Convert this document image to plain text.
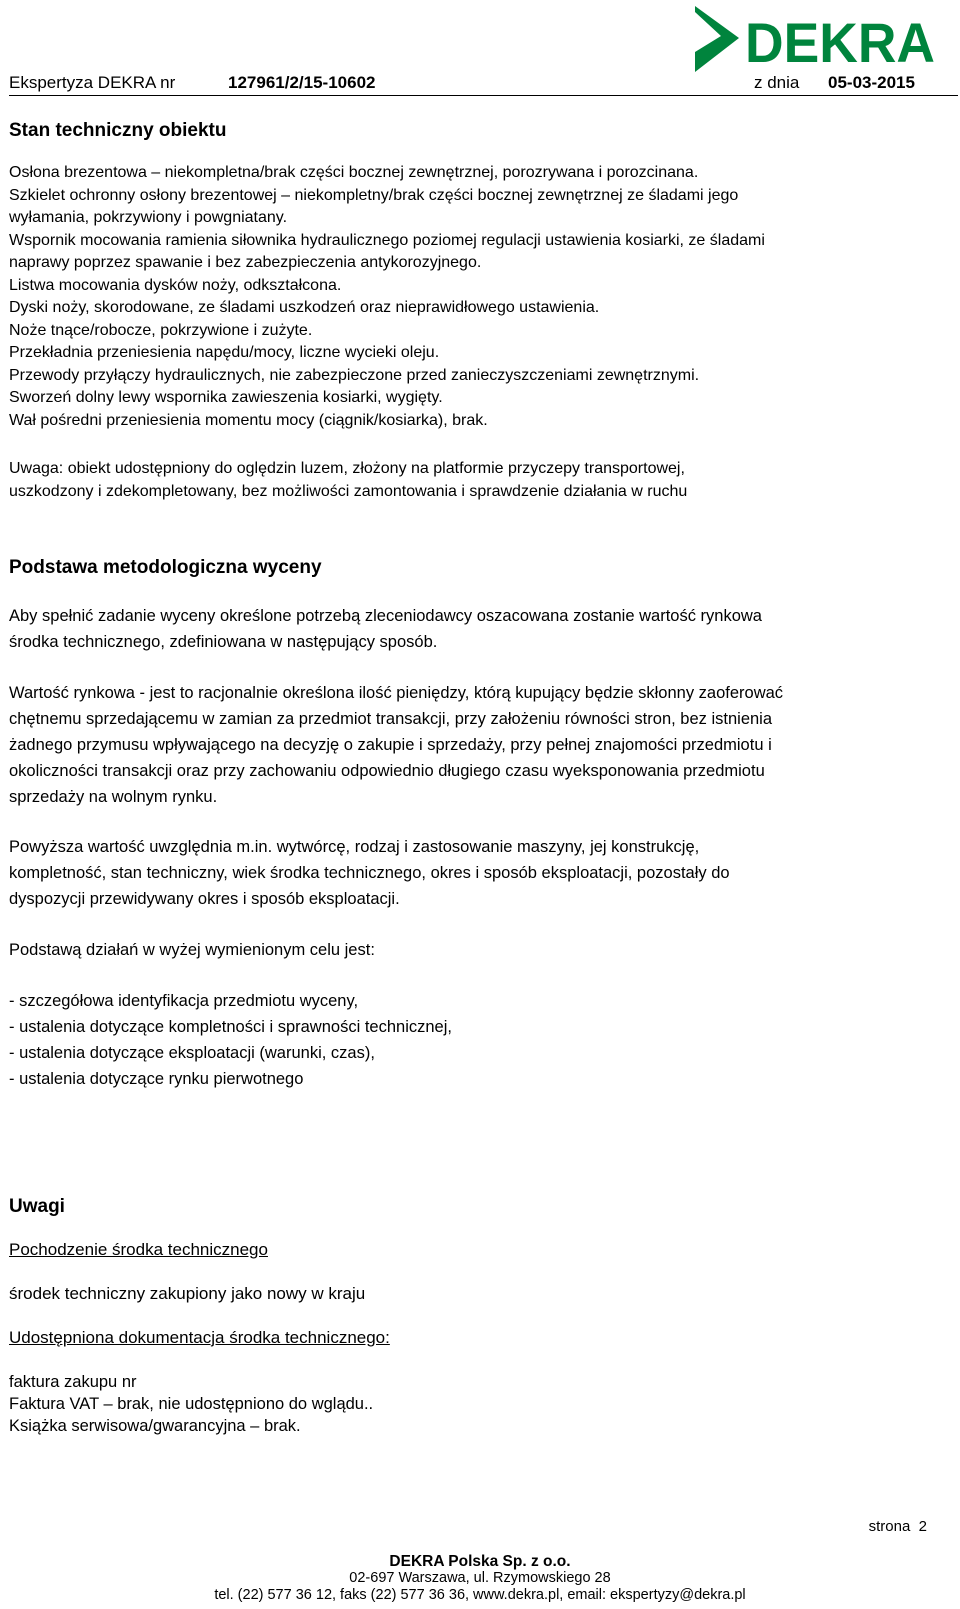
DEKRA
Ekspertyza DEKRA nr	127961/2/15-10602	z dnia 05-03-2015
Stan techniczny obiektu
Osłona brezentowa – niekompletna/brak części bocznej zewnętrznej, porozrywana i porozcinana.
Szkielet ochronny osłony brezentowej – niekompletny/brak części bocznej zewnętrznej ze śladami jego
wyłamania, pokrzywiony i powgniatany.
Wspornik mocowania ramienia siłownika hydraulicznego poziomej regulacji ustawienia kosiarki, ze śladami
naprawy poprzez spawanie i bez zabezpieczenia antykorozyjnego.
Listwa mocowania dysków noży, odkształcona.
Dyski noży, skorodowane, ze śladami uszkodzeń oraz nieprawidłowego ustawienia.
Noże tnące/robocze, pokrzywione i zużyte.
Przekładnia przeniesienia napędu/mocy, liczne wycieki oleju.
Przewody przyłączy hydraulicznych, nie zabezpieczone przed zanieczyszczeniami zewnętrznymi.
Sworzeń dolny lewy wspornika zawieszenia kosiarki, wygięty.
Wał pośredni przeniesienia momentu mocy (ciągnik/kosiarka), brak.
Uwaga: obiekt udostępniony do oględzin luzem, złożony na platformie przyczepy transportowej,
uszkodzony i zdekompletowany, bez możliwości zamontowania i sprawdzenie działania w ruchu
Podstawa metodologiczna wyceny
Aby spełnić zadanie wyceny określone potrzebą zleceniodawcy oszacowana zostanie wartość rynkowa
środka technicznego, zdefiniowana w następujący sposób.
Wartość rynkowa - jest to racjonalnie określona ilość pieniędzy, którą kupujący będzie skłonny zaoferować
chętnemu sprzedającemu w zamian za przedmiot transakcji, przy założeniu równości stron, bez istnienia
żadnego przymusu wpływającego na decyzję o zakupie i sprzedaży, przy pełnej znajomości przedmiotu i
okoliczności transakcji oraz przy zachowaniu odpowiednio długiego czasu wyeksponowania przedmiotu
sprzedaży na wolnym rynku.
Powyższa wartość uwzględnia m.in. wytwórcę, rodzaj i zastosowanie maszyny, jej konstrukcję,
kompletność, stan techniczny, wiek środka technicznego, okres i sposób eksploatacji, pozostały do
dyspozycji przewidywany okres i sposób eksploatacji.
Podstawą działań w wyżej wymienionym celu jest:
- szczegółowa identyfikacja przedmiotu wyceny,
- ustalenia dotyczące kompletności i sprawności technicznej,
- ustalenia dotyczące eksploatacji (warunki, czas),
- ustalenia dotyczące rynku pierwotnego
Uwagi
Pochodzenie środka technicznego
środek techniczny zakupiony jako nowy w kraju
Udostępniona dokumentacja środka technicznego:
faktura zakupu nr
Faktura VAT – brak, nie udostępniono do wglądu..
Książka serwisowa/gwarancyjna – brak.
strona 2
DEKRA Polska Sp. z o.o.
02-697 Warszawa, ul. Rzymowskiego 28
tel. (22) 577 36 12, faks (22) 577 36 36, www.dekra.pl, email: ekspertyzy@dekra.pl
